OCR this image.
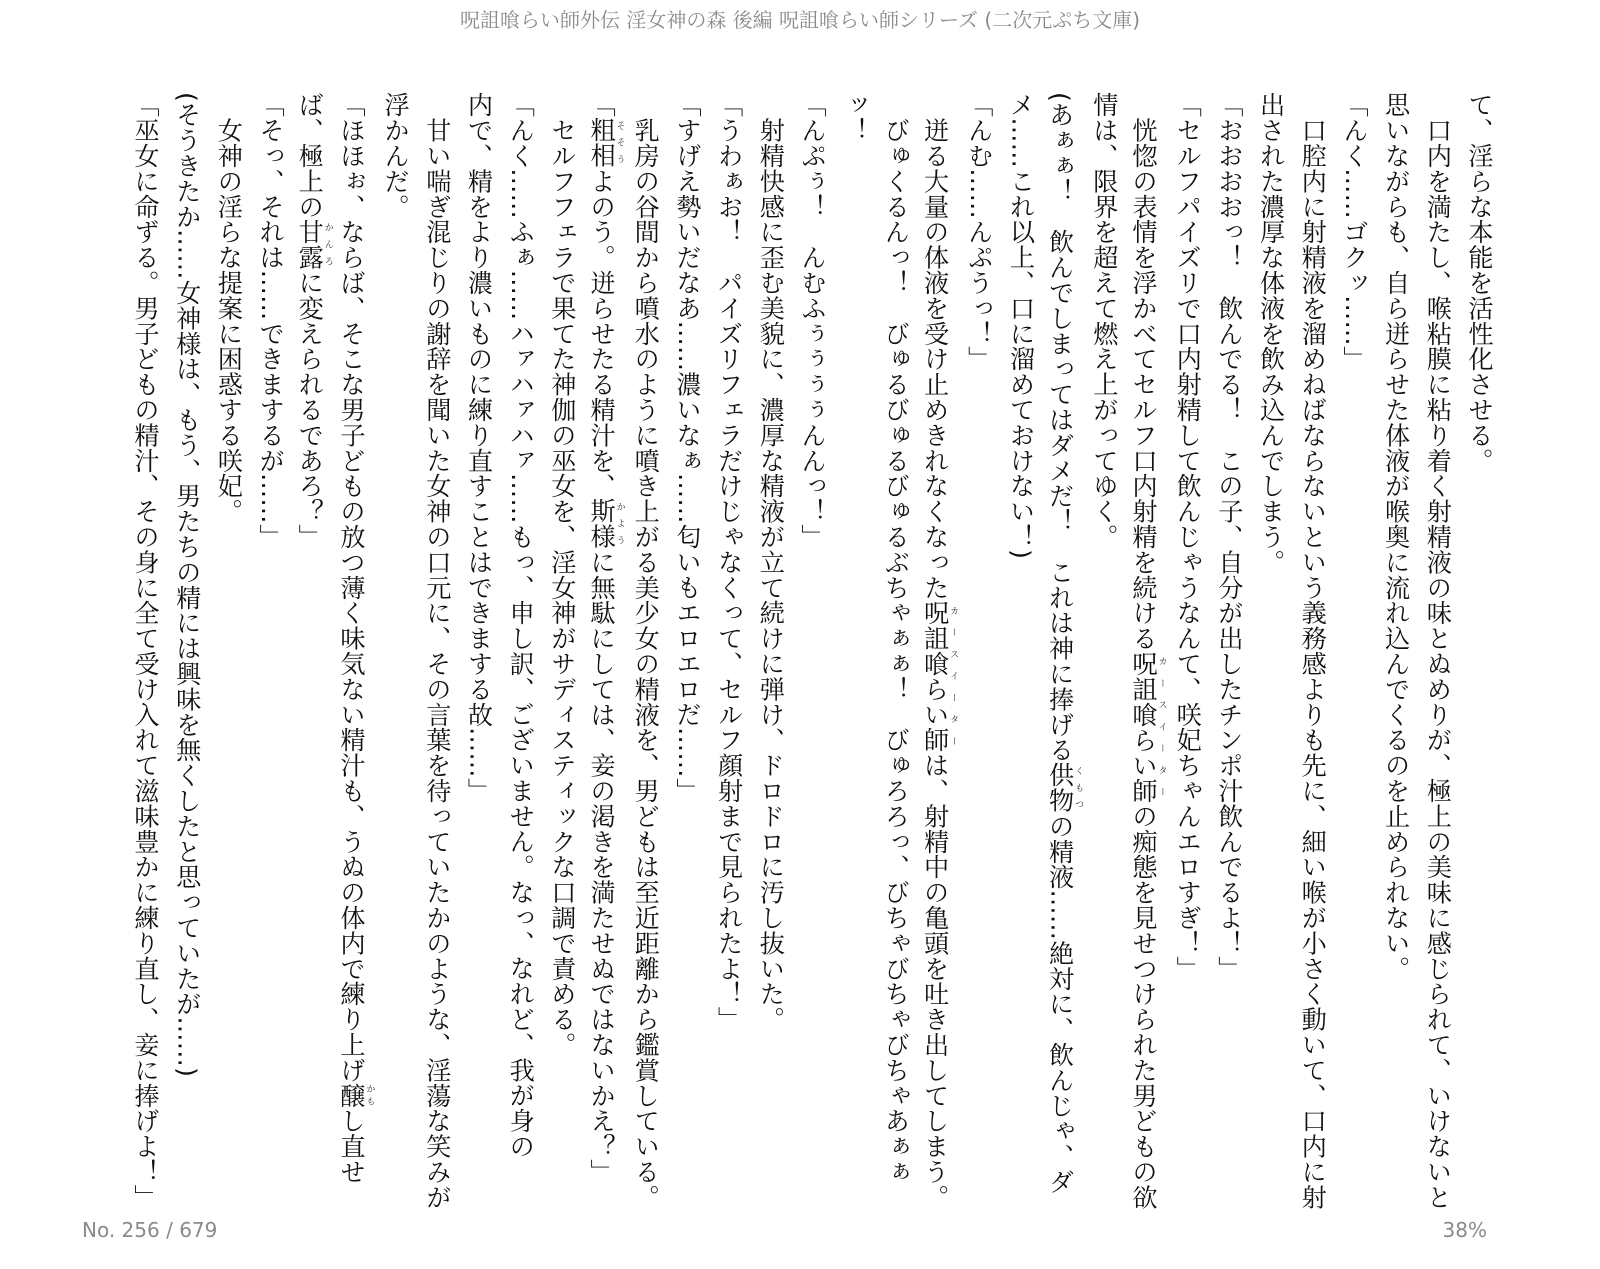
呪詛喰らい師外伝 淫女神の森 後編 呪詛喰らい師シリーズ (二次元ぷち文庫)
て、淫らな本能を活性化させる。
　口内を満たし、喉粘膜に粘り着く射精液の味とぬめりが、極上の美味に感じられて、いけないと
思いながらも、自ら迸らせた体液が喉奥に流れ込んでくるのを止められない。
「んく……ゴクッ……」
　口腔内に射精液を溜めねばならないという義務感よりも先に、細い喉が小さく動いて、口内に射
出された濃厚な体液を飲み込んでしまう。
「おおおおっ！　飲んでる！　この子、自分が出したチンポ汁飲んでるよ！」
「セルフパイズリで口内射精して飲んじゃうなんて、咲妃ちゃんエロすぎ！」
　恍惚の表情を浮かべてセルフ口内射精を続ける呪詛喰らい師カースイーターの痴態を見せつけられた男どもの欲
情は、限界を超えて燃え上がってゆく。
(あぁぁ！　飲んでしまってはダメだ！　これは神に捧げる供物くもつの精液……絶対に、飲んじゃ、ダ
メ……これ以上、口に溜めておけない！)
「んむ……んぷうっ！」
　迸る大量の体液を受け止めきれなくなった呪詛喰らい師カースイーターは、射精中の亀頭を吐き出してしまう。
　びゅくるんっ！　びゅるびゅるびゅるぶちゃぁぁ！　びゅろろっ、びちゃびちゃびちゃあぁぁ
ッ！
「んぷぅ！　んむふぅぅぅぅんんっ！」
　射精快感に歪む美貌に、濃厚な精液が立て続けに弾け、ドロドロに汚し抜いた。
「うわぁお！　パイズリフェラだけじゃなくって、セルフ顔射まで見られたよ！」
「すげえ勢いだなあ……濃いなぁ……匂いもエロエロだ……」
　乳房の谷間から噴水のように噴き上がる美少女の精液を、男どもは至近距離から鑑賞している。
「粗相そそうよのう。迸らせたる精汁を、斯様かように無駄にしては、妾の渇きを満たせぬではないかえ？」
　セルフフェラで果てた神伽の巫女を、淫女神がサディスティックな口調で責める。
「んく……ふぁ……ハァハァハァ……もっ、申し訳、ございません。なっ、なれど、我が身の
内で、精をより濃いものに練り直すことはできまする故……」
　甘い喘ぎ混じりの謝辞を聞いた女神の口元に、その言葉を待っていたかのような、淫蕩な笑みが
浮かんだ。
「ほほぉ、ならば、そこな男子どもの放つ薄く味気ない精汁も、うぬの体内で練り上げ醸かもし直せ
ば、極上の甘露かんろに変えられるであろ？」
「そっ、それは……できまするが……」
　女神の淫らな提案に困惑する咲妃。
(そうきたか……女神様は、もう、男たちの精には興味を無くしたと思っていたが……)
「巫女に命ずる。男子どもの精汁、その身に全て受け入れて滋味豊かに練り直し、妾に捧げよ！」
No. 256 / 679	38%
